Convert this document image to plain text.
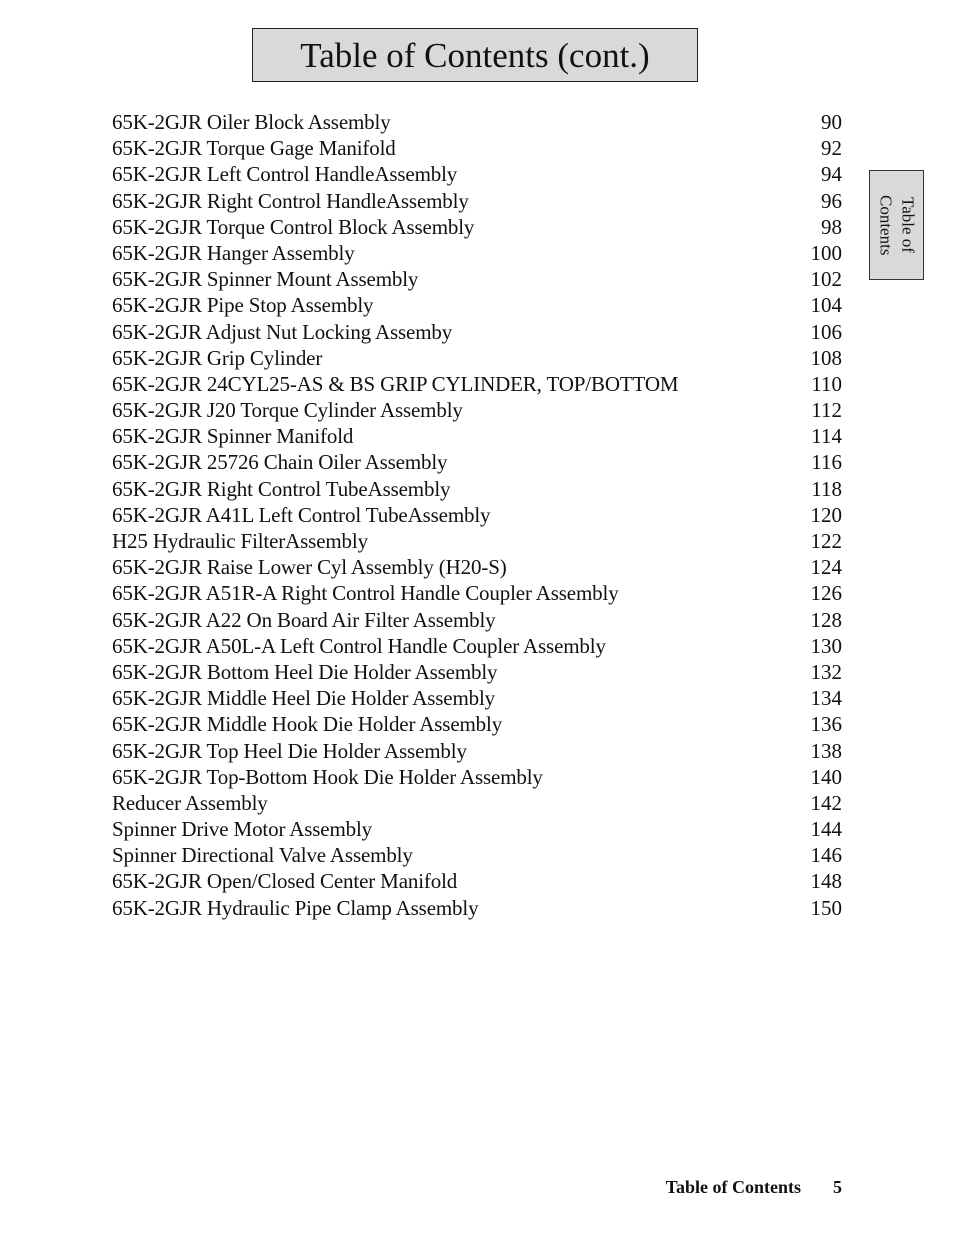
Table of Contents (cont.)
Table of
Contents
65K-2GJR Oiler Block Assembly	90
65K-2GJR Torque Gage Manifold	92
65K-2GJR Left Control HandleAssembly	94
65K-2GJR Right Control HandleAssembly	96
65K-2GJR Torque Control Block Assembly	98
65K-2GJR Hanger Assembly	100
65K-2GJR Spinner Mount Assembly	102
65K-2GJR Pipe Stop Assembly	104
65K-2GJR Adjust Nut Locking Assemby	106
65K-2GJR Grip Cylinder	108
65K-2GJR 24CYL25-AS & BS GRIP CYLINDER, TOP/BOTTOM	110
65K-2GJR J20 Torque Cylinder Assembly	112
65K-2GJR Spinner Manifold	114
65K-2GJR 25726 Chain Oiler Assembly	116
65K-2GJR Right Control TubeAssembly	118
65K-2GJR A41L Left Control TubeAssembly	120
H25 Hydraulic FilterAssembly	122
65K-2GJR Raise Lower Cyl Assembly (H20-S)	124
65K-2GJR A51R-A Right Control Handle Coupler Assembly	126
65K-2GJR A22 On Board Air Filter Assembly	128
65K-2GJR A50L-A Left Control Handle Coupler Assembly	130
65K-2GJR Bottom Heel Die Holder Assembly	132
65K-2GJR Middle Heel Die Holder Assembly	134
65K-2GJR Middle Hook Die Holder Assembly	136
65K-2GJR Top Heel Die Holder Assembly	138
65K-2GJR Top-Bottom Hook Die Holder Assembly	140
Reducer Assembly	142
Spinner Drive Motor Assembly	144
Spinner Directional Valve Assembly	146
65K-2GJR Open/Closed Center Manifold	148
65K-2GJR Hydraulic Pipe Clamp Assembly	150
Table of Contents 5
